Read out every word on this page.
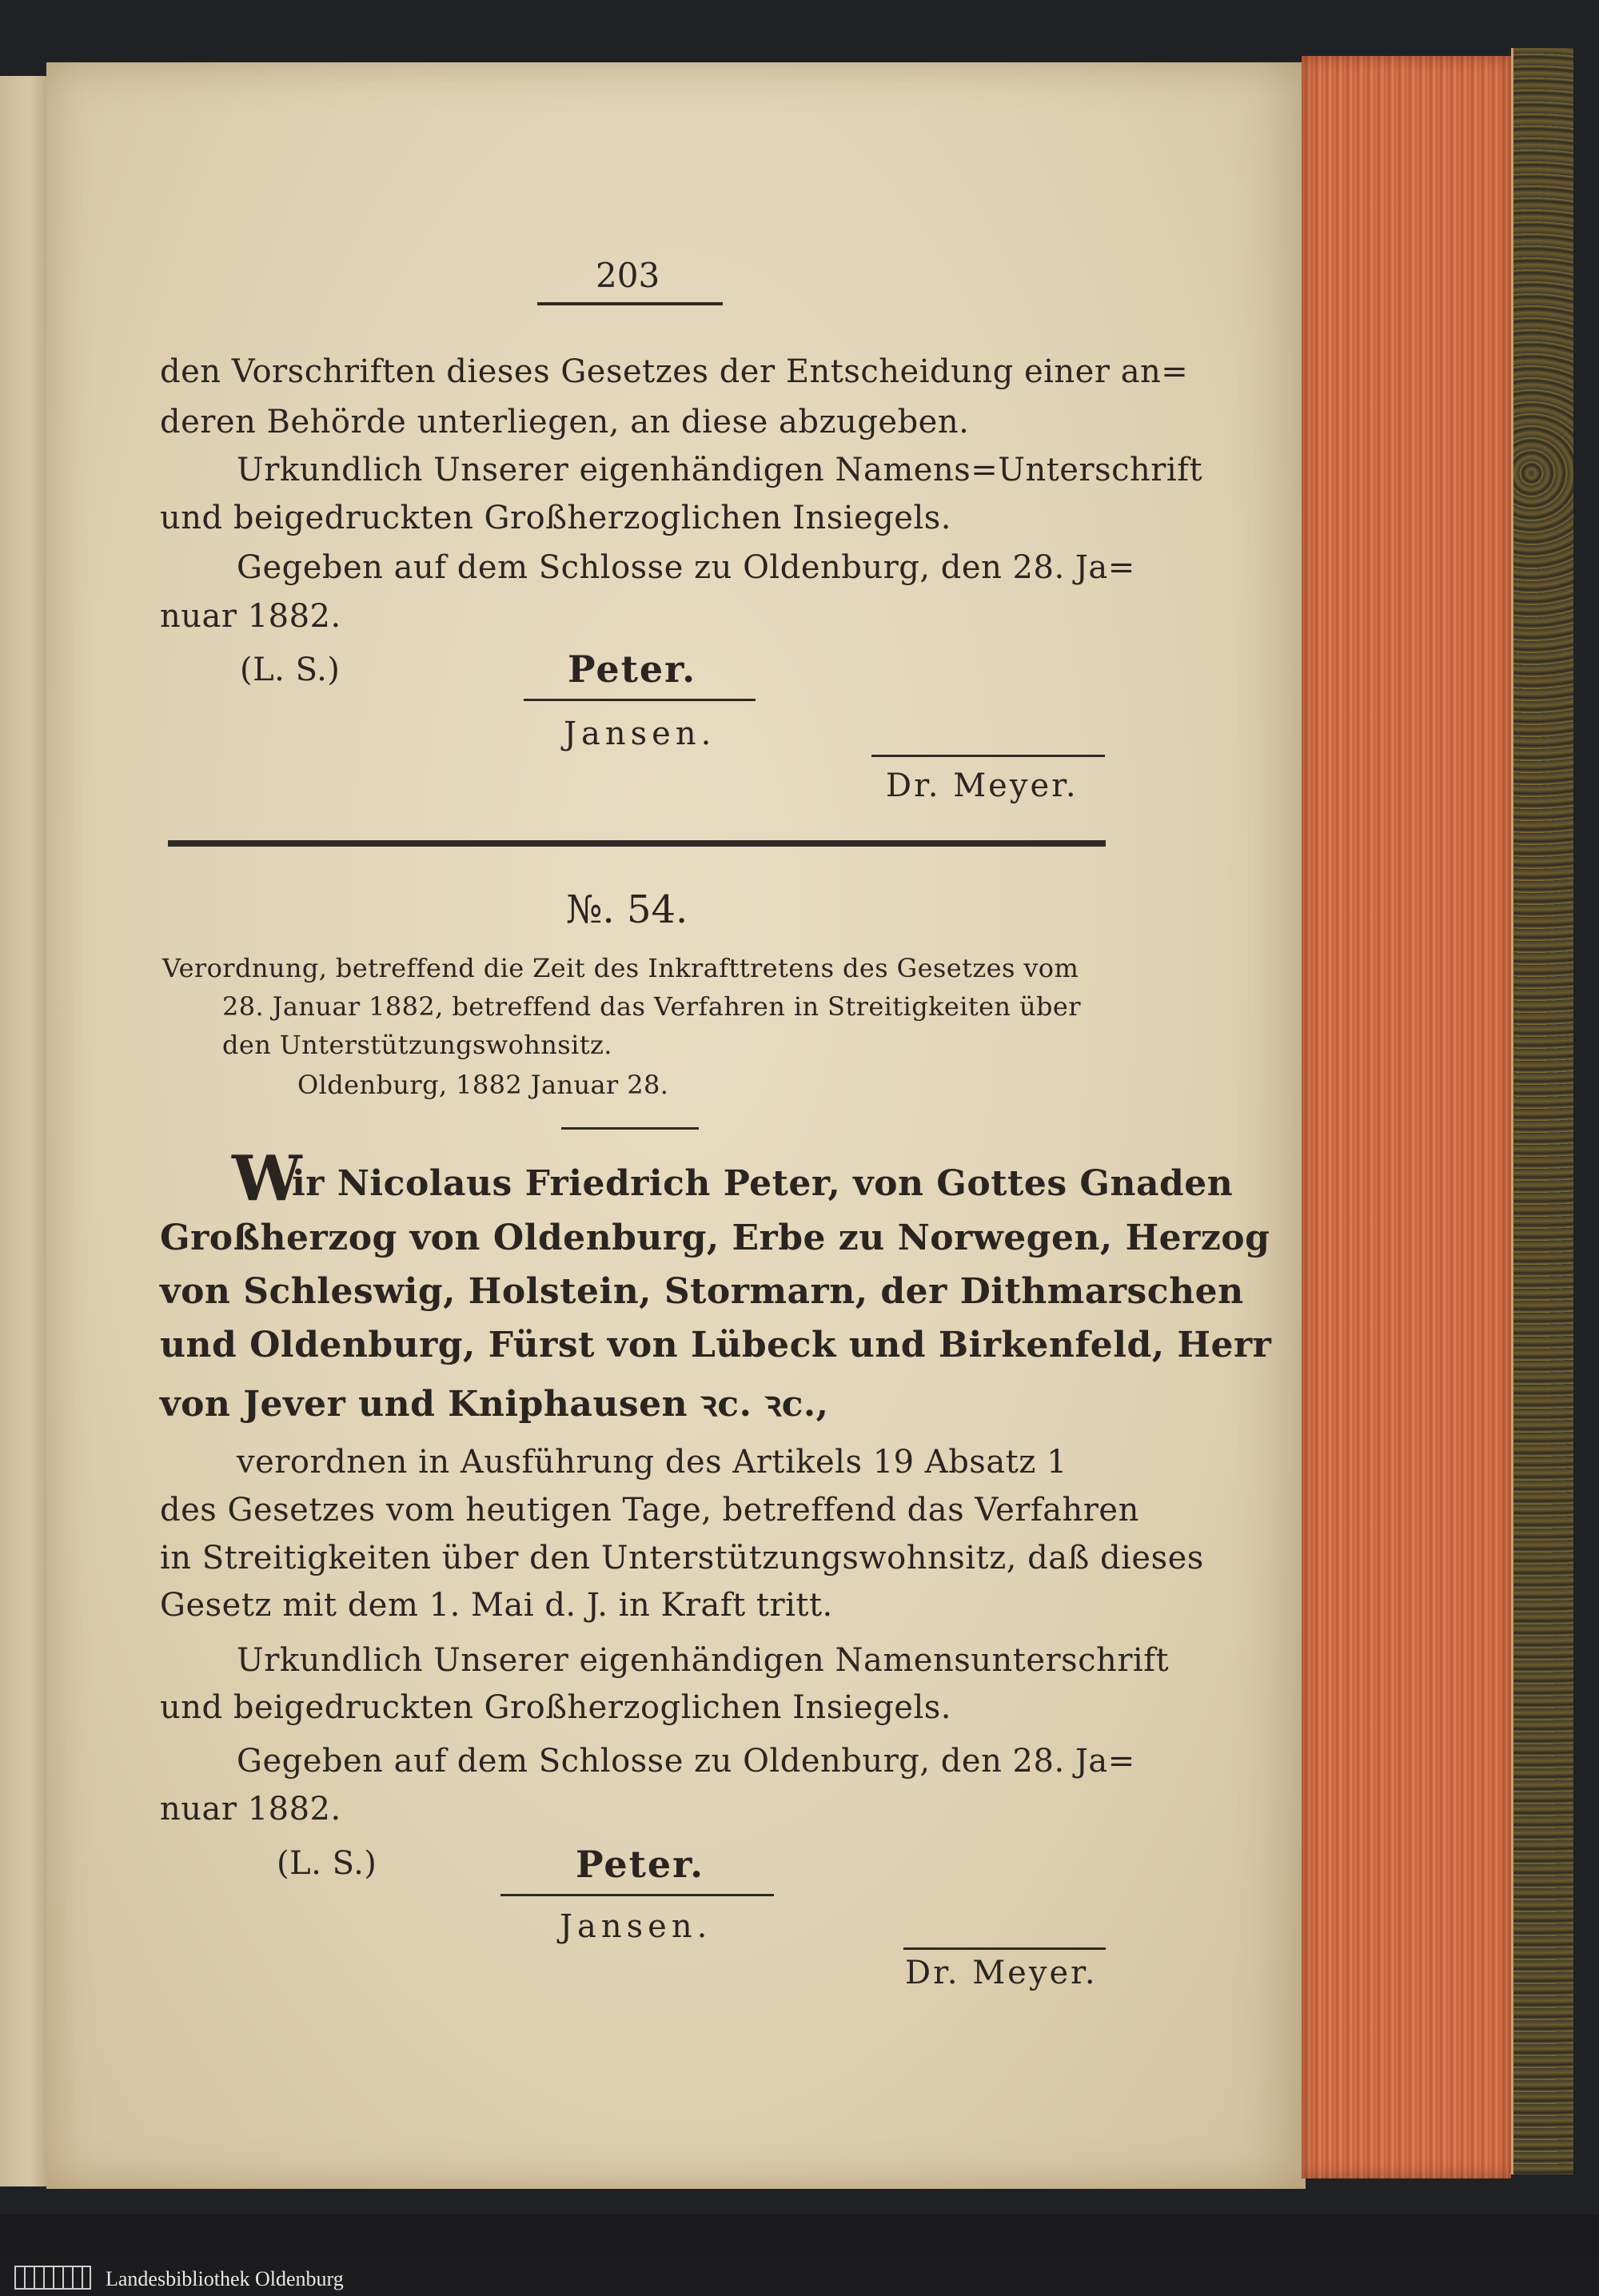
203
den Vorschriften dieses Gesetzes der Entscheidung einer an=
deren Behörde unterliegen, an diese abzugeben.
Urkundlich Unserer eigenhändigen Namens=Unterschrift
und beigedruckten Großherzoglichen Insiegels.
Gegeben auf dem Schlosse zu Oldenburg, den 28. Ja=
nuar 1882.
(L. S.)	Peter.
Jansen.
Dr. Meyer.
№. 54.
Verordnung, betreffend die Zeit des Inkrafttretens des Gesetzes vom
28. Januar 1882, betreffend das Verfahren in Streitigkeiten über
den Unterstützungswohnsitz.
Oldenburg, 1882 Januar 28.
W
ir Nicolaus Friedrich Peter, von Gottes Gnaden
Großherzog von Oldenburg, Erbe zu Norwegen, Herzog
von Schleswig, Holstein, Stormarn, der Dithmarschen
und Oldenburg, Fürst von Lübeck und Birkenfeld, Herr
von Jever und Kniphausen ꝛc. ꝛc.,
verordnen in Ausführung des Artikels 19 Absatz 1
des Gesetzes vom heutigen Tage, betreffend das Verfahren
in Streitigkeiten über den Unterstützungswohnsitz, daß dieses
Gesetz mit dem 1. Mai d. J. in Kraft tritt.
Urkundlich Unserer eigenhändigen Namensunterschrift
und beigedruckten Großherzoglichen Insiegels.
Gegeben auf dem Schlosse zu Oldenburg, den 28. Ja=
nuar 1882.
(L. S.)	Peter.
Jansen.
Dr. Meyer.
Landesbibliothek Oldenburg
